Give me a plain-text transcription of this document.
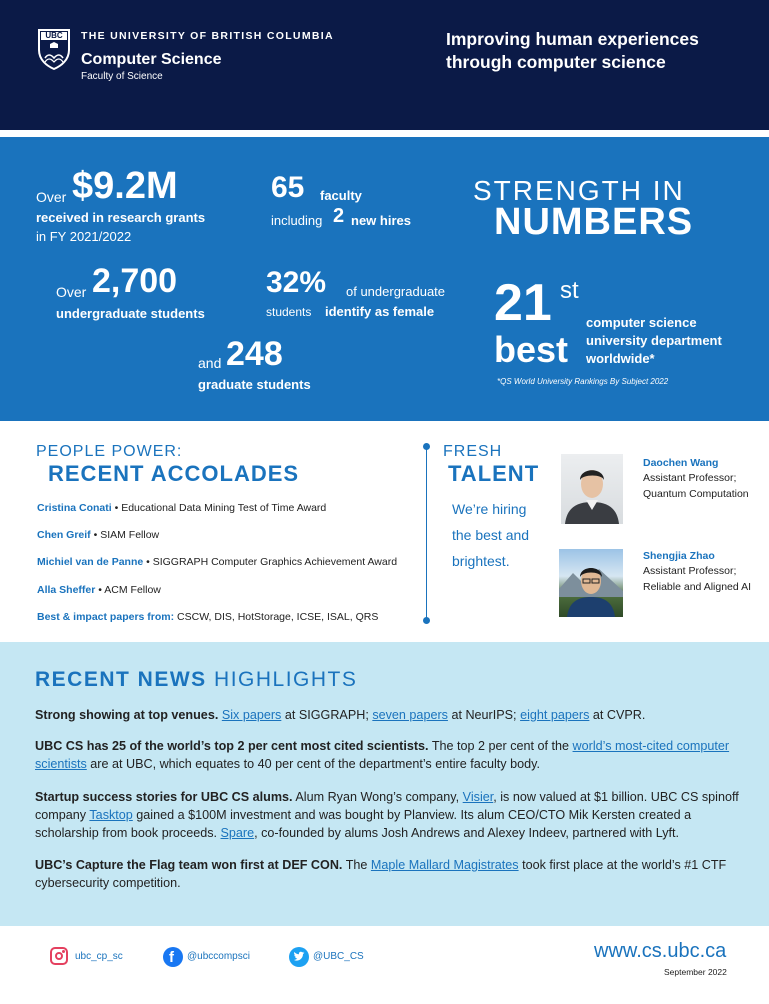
UBC	THE UNIVERSITY OF BRITISH COLUMBIA
Computer Science
Faculty of Science
Improving human experiences
through computer science
Over $9.2M
received in research grants
in FY 2021/2022
65 faculty
including 2 new hires
STRENGTH IN
NUMBERS
Over 2,700
undergraduate students
32% of undergraduate
students identify as female
and 248
graduate students
21 st
best
computer science
university department
worldwide*
*QS World University Rankings By Subject 2022
PEOPLE POWER:
RECENT ACCOLADES
Cristina Conati • Educational Data Mining Test of Time Award
Chen Greif • SIAM Fellow
Michiel van de Panne • SIGGRAPH Computer Graphics Achievement Award
Alla Sheffer • ACM Fellow
Best & impact papers from: CSCW, DIS, HotStorage, ICSE, ISAL, QRS
FRESH
TALENT
We’re hiring
the best and
brightest.
Daochen Wang
Assistant Professor;
Quantum Computation
Shengjia Zhao
Assistant Professor;
Reliable and Aligned AI
RECENT NEWS HIGHLIGHTS

Strong showing at top venues. Six papers at SIGGRAPH; seven papers at NeurIPS; eight papers at CVPR.

UBC CS has 25 of the world’s top 2 per cent most cited scientists. The top 2 per cent of the world’s most-cited computer scientists are at UBC, which equates to 40 per cent of the department’s entire faculty body.

Startup success stories for UBC CS alums. Alum Ryan Wong’s company, Visier, is now valued at $1 billion. UBC CS spinoff company Tasktop gained a $100M investment and was bought by Planview. Its alum CEO/CTO Mik Kersten created a scholarship from book proceeds. Spare, co-founded by alums Josh Andrews and Alexey Indeev, partnered with Lyft.

UBC’s Capture the Flag team won first at DEF CON. The Maple Mallard Magistrates took first place at the world’s #1 CTF cybersecurity competition.

ubc_cp_sc	f @ubccompsci	@UBC_CS	www.cs.ubc.ca
September 2022
